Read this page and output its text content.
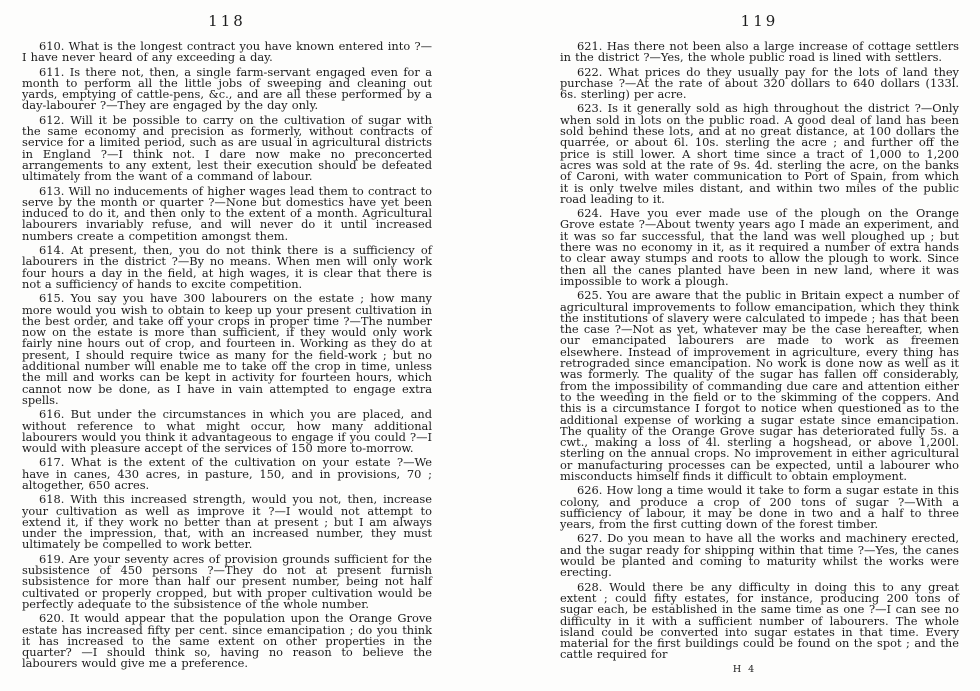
118

610. What is the longest contract you have known entered into ?— I have never heard of any exceeding a day.

611. Is there not, then, a single farm-servant engaged even for a month to perform all the little jobs of sweeping and cleaning out yards, emptying of cattle-pens, &c., and are all these performed by a day-labourer ?—They are engaged by the day only.

612. Will it be possible to carry on the cultivation of sugar with the same economy and precision as formerly, without contracts of service for a limited period, such as are usual in agricultural districts in England ?—I think not. I dare now make no preconcerted arrangements to any extent, lest their execution should be defeated ultimately from the want of a command of labour.

613. Will no inducements of higher wages lead them to contract to serve by the month or quarter ?—None but domestics have yet been induced to do it, and then only to the extent of a month. Agricultural labourers invariably refuse, and will never do it until increased numbers create a competition amongst them.

614. At present, then, you do not think there is a sufficiency of labourers in the district ?—By no means. When men will only work four hours a day in the field, at high wages, it is clear that there is not a sufficiency of hands to excite competition.

615. You say you have 300 labourers on the estate ; how many more would you wish to obtain to keep up your present cultivation in the best order, and take off your crops in proper time ?—The number now on the estate is more than sufficient, if they would only work fairly nine hours out of crop, and fourteen in. Working as they do at present, I should require twice as many for the field-work ; but no additional number will enable me to take off the crop in time, unless the mill and works can be kept in activity for fourteen hours, which cannot now be done, as I have in vain attempted to engage extra spells.

616. But under the circumstances in which you are placed, and without reference to what might occur, how many additional labourers would you think it advantageous to engage if you could ?—I would with pleasure accept of the services of 150 more to-morrow.

617. What is the extent of the cultivation on your estate ?—We have in canes, 430 acres, in pasture, 150, and in provisions, 70 ; altogether, 650 acres.

618. With this increased strength, would you not, then, increase your cultivation as well as improve it ?—I would not attempt to extend it, if they work no better than at present ; but I am always under the impression, that, with an increased number, they must ultimately be compelled to work better.

619. Are your seventy acres of provision grounds sufficient for the subsistence of 450 persons ?—They do not at present furnish subsistence for more than half our present number, being not half cultivated or properly cropped, but with proper cultivation would be perfectly adequate to the subsistence of the whole number.

620. It would appear that the population upon the Orange Grove estate has increased fifty per cent. since emancipation ; do you think it has increased to the same extent on other properties in the quarter? —I should think so, having no reason to believe the labourers would give me a preference.

119

621. Has there not been also a large increase of cottage settlers in the district ?—Yes, the whole public road is lined with settlers.

622. What prices do they usually pay for the lots of land they purchase ?—At the rate of about 320 dollars to 640 dollars (133l. 6s. sterling) per acre.

623. Is it generally sold as high throughout the district ?—Only when sold in lots on the public road. A good deal of land has been sold behind these lots, and at no great distance, at 100 dollars the quarrée, or about 6l. 10s. sterling the acre ; and further off the price is still lower. A short time since a tract of 1,000 to 1,200 acres was sold at the rate of 9s. 4d. sterling the acre, on the banks of Caroni, with water communication to Port of Spain, from which it is only twelve miles distant, and within two miles of the public road leading to it.

624. Have you ever made use of the plough on the Orange Grove estate ?—About twenty years ago I made an experiment, and it was so far successful, that the land was well ploughed up ; but there was no economy in it, as it required a number of extra hands to clear away stumps and roots to allow the plough to work. Since then all the canes planted have been in new land, where it was impossible to work a plough.

625. You are aware that the public in Britain expect a number of agricultural improvements to follow emancipation, which they think the institutions of slavery were calculated to impede ; has that been the case ?—Not as yet, whatever may be the case hereafter, when our emancipated labourers are made to work as freemen elsewhere. Instead of improvement in agriculture, every thing has retrograded since emancipation. No work is done now as well as it was formerly. The quality of the sugar has fallen off considerably, from the impossibility of commanding due care and attention either to the weeding in the field or to the skimming of the coppers. And this is a circumstance I forgot to notice when questioned as to the additional expense of working a sugar estate since emancipation. The quality of the Orange Grove sugar has deteriorated fully 5s. a cwt., making a loss of 4l. sterling a hogshead, or above 1,200l. sterling on the annual crops. No improvement in either agricultural or manufacturing processes can be expected, until a labourer who misconducts himself finds it difficult to obtain employment.

626. How long a time would it take to form a sugar estate in this colony, and produce a crop of 200 tons of sugar ?—With a sufficiency of labour, it may be done in two and a half to three years, from the first cutting down of the forest timber.

627. Do you mean to have all the works and machinery erected, and the sugar ready for shipping within that time ?—Yes, the canes would be planted and coming to maturity whilst the works were erecting.

628. Would there be any difficulty in doing this to any great extent ; could fifty estates, for instance, producing 200 tons of sugar each, be established in the same time as one ?—I can see no difficulty in it with a sufficient number of labourers. The whole island could be converted into sugar estates in that time. Every material for the first buildings could be found on the spot ; and the cattle required for

H 4
